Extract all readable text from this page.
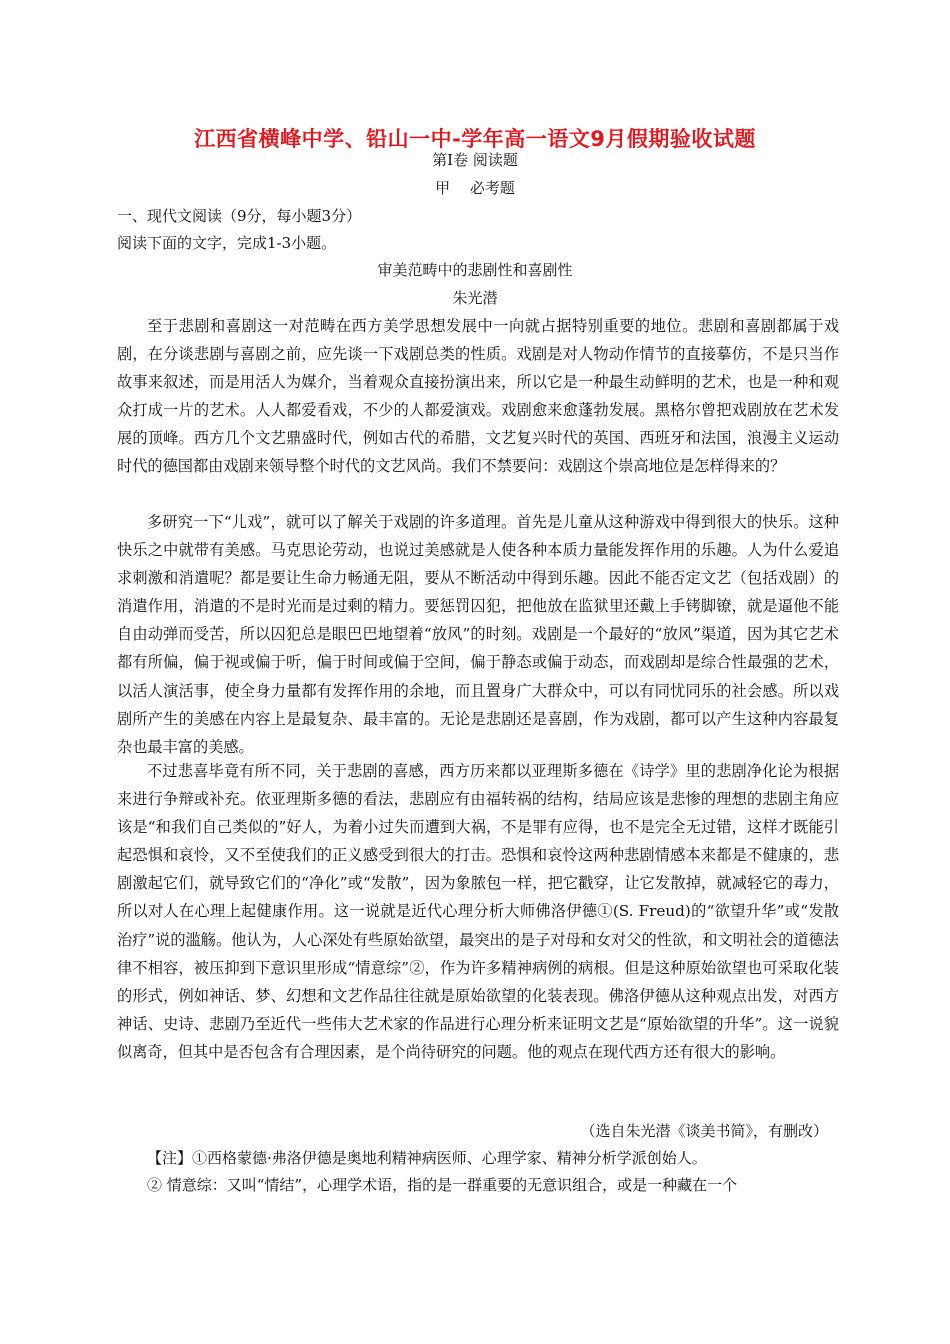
江西省横峰中学、铅山一中-学年高一语文9月假期验收试题
第Ⅰ卷 阅读题
甲　 必考题
一、现代文阅读（9分，每小题3分）
阅读下面的文字，完成1-3小题。
审美范畴中的悲剧性和喜剧性
朱光潜

至于悲剧和喜剧这一对范畴在西方美学思想发展中一向就占据特别重要的地位。悲剧和喜剧都属于戏剧，在分谈悲剧与喜剧之前，应先谈一下戏剧总类的性质。戏剧是对人物动作情节的直接摹仿，不是只当作故事来叙述，而是用活人为媒介，当着观众直接扮演出来，所以它是一种最生动鲜明的艺术，也是一种和观众打成一片的艺术。人人都爱看戏，不少的人都爱演戏。戏剧愈来愈蓬勃发展。黑格尔曾把戏剧放在艺术发展的顶峰。西方几个文艺鼎盛时代，例如古代的希腊，文艺复兴时代的英国、西班牙和法国，浪漫主义运动时代的德国都由戏剧来领导整个时代的文艺风尚。我们不禁要问：戏剧这个崇高地位是怎样得来的？

多研究一下“儿戏”，就可以了解关于戏剧的许多道理。首先是儿童从这种游戏中得到很大的快乐。这种快乐之中就带有美感。马克思论劳动，也说过美感就是人使各种本质力量能发挥作用的乐趣。人为什么爱追求刺激和消遣呢？都是要让生命力畅通无阻，要从不断活动中得到乐趣。因此不能否定文艺（包括戏剧）的消遣作用，消遣的不是时光而是过剩的精力。要惩罚囚犯，把他放在监狱里还戴上手铐脚镣，就是逼他不能自由动弹而受苦，所以囚犯总是眼巴巴地望着“放风”的时刻。戏剧是一个最好的“放风”渠道，因为其它艺术都有所偏，偏于视或偏于听，偏于时间或偏于空间，偏于静态或偏于动态，而戏剧却是综合性最强的艺术，以活人演活事，使全身力量都有发挥作用的余地，而且置身广大群众中，可以有同忧同乐的社会感。所以戏剧所产生的美感在内容上是最复杂、最丰富的。无论是悲剧还是喜剧，作为戏剧，都可以产生这种内容最复杂也最丰富的美感。

不过悲喜毕竟有所不同，关于悲剧的喜感，西方历来都以亚理斯多德在《诗学》里的悲剧净化论为根据来进行争辩或补充。依亚理斯多德的看法，悲剧应有由福转祸的结构，结局应该是悲惨的理想的悲剧主角应该是“和我们自己类似的”好人，为着小过失而遭到大祸，不是罪有应得，也不是完全无过错，这样才既能引起恐惧和哀怜，又不至使我们的正义感受到很大的打击。恐惧和哀怜这两种悲剧情感本来都是不健康的，悲剧激起它们，就导致它们的“净化”或“发散”，因为象脓包一样，把它戳穿，让它发散掉，就减轻它的毒力，所以对人在心理上起健康作用。这一说就是近代心理分析大师佛洛伊德①(S. Freud)的“欲望升华”或“发散治疗”说的滥觞。他认为，人心深处有些原始欲望，最突出的是子对母和女对父的性欲，和文明社会的道德法律不相容，被压抑到下意识里形成“情意综”②，作为许多精神病例的病根。但是这种原始欲望也可采取化装的形式，例如神话、梦、幻想和文艺作品往往就是原始欲望的化装表现。佛洛伊德从这种观点出发，对西方神话、史诗、悲剧乃至近代一些伟大艺术家的作品进行心理分析来证明文艺是“原始欲望的升华”。这一说貌似离奇，但其中是否包含有合理因素，是个尚待研究的问题。他的观点在现代西方还有很大的影响。

（选自朱光潜《谈美书简》，有删改）
【注】①西格蒙德·弗洛伊德是奥地利精神病医师、心理学家、精神分析学派创始人。
② 情意综：又叫“情结”，心理学术语，指的是一群重要的无意识组合，或是一种藏在一个
